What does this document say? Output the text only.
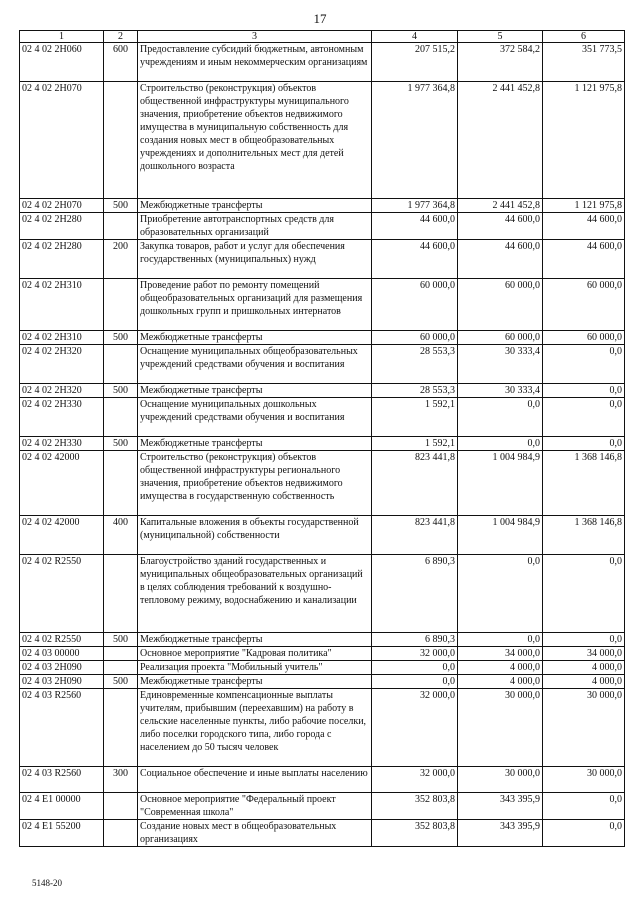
17
1	2	3	4	5	6
02 4 02 2Н060	600	Предоставление субсидий бюджетным, автономным учреждениям и иным некоммерческим организациям	207 515,2	372 584,2	351 773,5
02 4 02 2Н070		Строительство (реконструкция) объектов общественной инфраструктуры муниципального значения, приобретение объектов недвижимого имущества в муниципальную собственность для создания новых мест в общеобразовательных учреждениях и дополнительных мест для детей дошкольного возраста	1 977 364,8	2 441 452,8	1 121 975,8
02 4 02 2Н070	500	Межбюджетные трансферты	1 977 364,8	2 441 452,8	1 121 975,8
02 4 02 2Н280		Приобретение автотранспортных средств для образовательных организаций	44 600,0	44 600,0	44 600,0
02 4 02 2Н280	200	Закупка товаров, работ и услуг для обеспечения государственных (муниципальных) нужд	44 600,0	44 600,0	44 600,0
02 4 02 2Н310		Проведение работ по ремонту помещений общеобразовательных организаций для размещения дошкольных групп и пришкольных интернатов	60 000,0	60 000,0	60 000,0
02 4 02 2Н310	500	Межбюджетные трансферты	60 000,0	60 000,0	60 000,0
02 4 02 2Н320		Оснащение муниципальных общеобразовательных учреждений средствами обучения и воспитания	28 553,3	30 333,4	0,0
02 4 02 2Н320	500	Межбюджетные трансферты	28 553,3	30 333,4	0,0
02 4 02 2Н330		Оснащение муниципальных дошкольных учреждений средствами обучения и воспитания	1 592,1	0,0	0,0
02 4 02 2Н330	500	Межбюджетные трансферты	1 592,1	0,0	0,0
02 4 02 42000		Строительство (реконструкция) объектов общественной инфраструктуры регионального значения, приобретение объектов недвижимого имущества в государственную собственность	823 441,8	1 004 984,9	1 368 146,8
02 4 02 42000	400	Капитальные вложения в объекты государственной (муниципальной) собственности	823 441,8	1 004 984,9	1 368 146,8
02 4 02 R2550		Благоустройство зданий государственных и муниципальных общеобразовательных организаций в целях соблюдения требований к воздушно-тепловому режиму, водоснабжению и канализации	6 890,3	0,0	0,0
02 4 02 R2550	500	Межбюджетные трансферты	6 890,3	0,0	0,0
02 4 03 00000		Основное мероприятие "Кадровая политика"	32 000,0	34 000,0	34 000,0
02 4 03 2Н090		Реализация проекта "Мобильный учитель"	0,0	4 000,0	4 000,0
02 4 03 2Н090	500	Межбюджетные трансферты	0,0	4 000,0	4 000,0
02 4 03 R2560		Единовременные компенсационные выплаты учителям, прибывшим (переехавшим) на работу в сельские населенные пункты, либо рабочие поселки, либо поселки городского типа, либо города с населением до 50 тысяч человек	32 000,0	30 000,0	30 000,0
02 4 03 R2560	300	Социальное обеспечение и иные выплаты населению	32 000,0	30 000,0	30 000,0
02 4 E1 00000		Основное мероприятие "Федеральный проект "Современная школа"	352 803,8	343 395,9	0,0
02 4 E1 55200		Создание новых мест в общеобразовательных организациях	352 803,8	343 395,9	0,0
5148-20
